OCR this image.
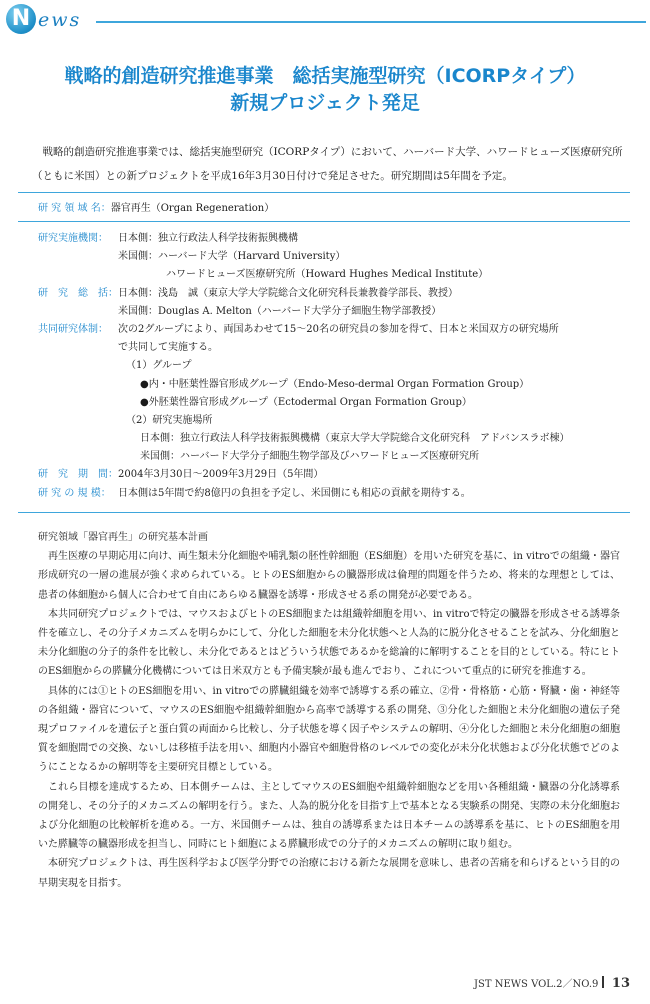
N ews
戦略的創造研究推進事業　総括実施型研究（ICORPタイプ）
新規プロジェクト発足

戦略的創造研究推進事業では、総括実施型研究（ICORPタイプ）において、ハーバード大学、ハワードヒューズ医療研究所（ともに米国）との新プロジェクトを平成16年3月30日付けで発足させた。研究期間は5年間を予定。

研 究 領 域 名：器官再生（Organ Regeneration）
研究実施機関： 日本側：独立行政法人科学技術振興機構
米国側：ハーバード大学（Harvard University）
ハワードヒューズ医療研究所（Howard Hughes Medical Institute）
研　究　総　括： 日本側：浅島　誠（東京大学大学院総合文化研究科長兼教養学部長、教授）
米国側：Douglas A. Melton（ハーバード大学分子細胞生物学部教授）
共同研究体制： 次の2グループにより、両国あわせて15～20名の研究員の参加を得て、日本と米国双方の研究場所
で共同して実施する。
（1）グループ
●内・中胚葉性器官形成グループ（Endo-Meso-dermal Organ Formation Group）
●外胚葉性器官形成グループ（Ectodermal Organ Formation Group）
（2）研究実施場所
日本側：独立行政法人科学技術振興機構（東京大学大学院総合文化研究科　アドバンスラボ棟）
米国側：ハーバード大学分子細胞生物学部及びハワードヒューズ医療研究所
研　究　期　間： 2004年3月30日～2009年3月29日（5年間）
研 究 の 規 模： 日本側は5年間で約8億円の負担を予定し、米国側にも相応の貢献を期待する。
研究領域「器官再生」の研究基本計画

再生医療の早期応用に向け、両生類未分化細胞や哺乳類の胚性幹細胞（ES細胞）を用いた研究を基に、in vitroでの組織・器官形成研究の一層の進展が強く求められている。ヒトのES細胞からの臓器形成は倫理的問題を伴うため、将来的な理想としては、患者の体細胞から個人に合わせて自由にあらゆる臓器を誘導・形成させる系の開発が必要である。

本共同研究プロジェクトでは、マウスおよびヒトのES細胞または組織幹細胞を用い、in vitroで特定の臓器を形成させる誘導条件を確立し、その分子メカニズムを明らかにして、分化した細胞を未分化状態へと人為的に脱分化させることを試み、分化細胞と未分化細胞の分子的条件を比較し、未分化であるとはどういう状態であるかを総論的に解明することを目的としている。特にヒトのES細胞からの膵臓分化機構については日米双方とも予備実験が最も進んでおり、これについて重点的に研究を推進する。

具体的には①ヒトのES細胞を用い、in vitroでの膵臓組織を効率で誘導する系の確立、②骨・骨格筋・心筋・腎臓・歯・神経等の各組織・器官について、マウスのES細胞や組織幹細胞から高率で誘導する系の開発、③分化した細胞と未分化細胞の遺伝子発現プロファイルを遺伝子と蛋白質の両面から比較し、分子状態を導く因子やシステムの解明、④分化した細胞と未分化細胞の細胞質を細胞間での交換、ないしは移植手法を用い、細胞内小器官や細胞骨格のレベルでの変化が未分化状態および分化状態でどのようにことなるかの解明等を主要研究目標としている。

これら目標を達成するため、日本側チームは、主としてマウスのES細胞や組織幹細胞などを用い各種組織・臓器の分化誘導系の開発し、その分子的メカニズムの解明を行う。また、人為的脱分化を目指す上で基本となる実験系の開発、実際の未分化細胞および分化細胞の比較解析を進める。一方、米国側チームは、独自の誘導系または日本チームの誘導系を基に、ヒトのES細胞を用いた膵臓等の臓器形成を担当し、同時にヒト細胞による膵臓形成での分子的メカニズムの解明に取り組む。

本研究プロジェクトは、再生医科学および医学分野での治療における新たな展開を意味し、患者の苦痛を和らげるという目的の早期実現を目指す。

JST NEWS VOL.2／NO.9 13
